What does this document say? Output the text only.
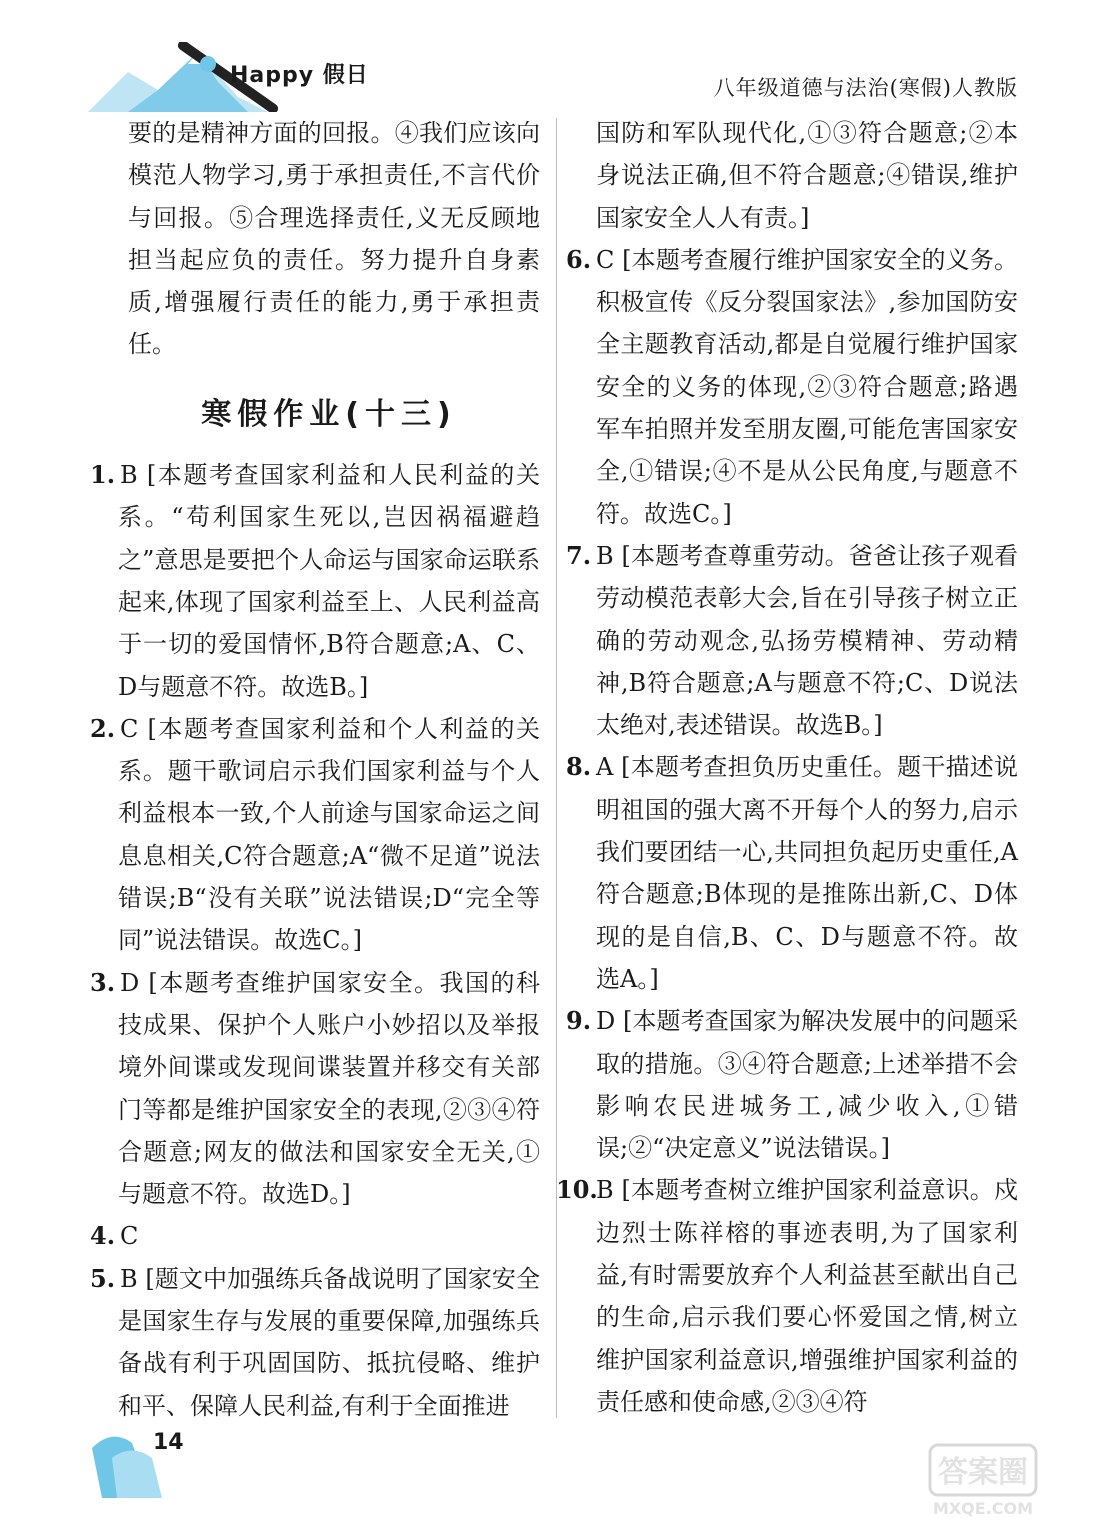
Happy 假日	八年级道德与法治(寒假)人教版

要的是精神方面的回报。④我们应该向模范人物学习,勇于承担责任,不言代价与回报。⑤合理选择责任,义无反顾地担当起应负的责任。努力提升自身素质,增强履行责任的能力,勇于承担责任。

寒假作业(十三)

1. B [本题考查国家利益和人民利益的关系。“苟利国家生死以,岂因祸福避趋之”意思是要把个人命运与国家命运联系起来,体现了国家利益至上、人民利益高于一切的爱国情怀,B符合题意;A、C、D与题意不符。故选B。]

2. C [本题考查国家利益和个人利益的关系。题干歌词启示我们国家利益与个人利益根本一致,个人前途与国家命运之间息息相关,C符合题意;A“微不足道”说法错误;B“没有关联”说法错误;D“完全等同”说法错误。故选C。]

3. D [本题考查维护国家安全。我国的科技成果、保护个人账户小妙招以及举报境外间谍或发现间谍装置并移交有关部门等都是维护国家安全的表现,②③④符合题意;网友的做法和国家安全无关,①与题意不符。故选D。]

4. C

5. B [题文中加强练兵备战说明了国家安全是国家生存与发展的重要保障,加强练兵备战有利于巩固国防、抵抗侵略、维护和平、保障人民利益,有利于全面推进

国防和军队现代化,①③符合题意;②本身说法正确,但不符合题意;④错误,维护国家安全人人有责。]

6. C [本题考查履行维护国家安全的义务。积极宣传《反分裂国家法》,参加国防安全主题教育活动,都是自觉履行维护国家安全的义务的体现,②③符合题意;路遇军车拍照并发至朋友圈,可能危害国家安全,①错误;④不是从公民角度,与题意不符。故选C。]

7. B [本题考查尊重劳动。爸爸让孩子观看劳动模范表彰大会,旨在引导孩子树立正确的劳动观念,弘扬劳模精神、劳动精神,B符合题意;A与题意不符;C、D说法太绝对,表述错误。故选B。]

8. A [本题考查担负历史重任。题干描述说明祖国的强大离不开每个人的努力,启示我们要团结一心,共同担负起历史重任,A符合题意;B体现的是推陈出新,C、D体现的是自信,B、C、D与题意不符。故选A。]

9. D [本题考查国家为解决发展中的问题采取的措施。③④符合题意;上述举措不会影响农民进城务工,减少收入,①错误;②“决定意义”说法错误。]

10.B [本题考查树立维护国家利益意识。戍边烈士陈祥榕的事迹表明,为了国家利益,有时需要放弃个人利益甚至献出自己的生命,启示我们要心怀爱国之情,树立维护国家利益意识,增强维护国家利益的责任感和使命感,②③④符

14
答案圈
MXQE.COM
